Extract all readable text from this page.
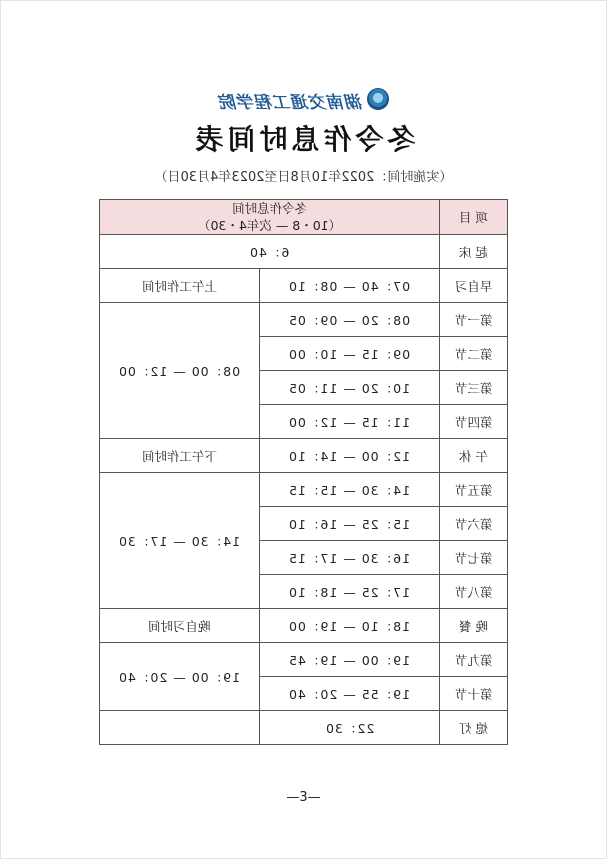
湖南交通工程学院
冬令作息时间表
（实施时间：2022年10月8日至2023年4月30日）
冬令作息时间
（10・8 — 次年4・30）		项 目
6：40		起 床
上午工作时间	07：40 — 08：10	早自习
08：00 — 12：00	08：20 — 09：05	第一节
	09：15 — 10：00	第二节
	10：20 — 11：05	第三节
	11：15 — 12：00	第四节
下午工作时间	12：00 — 14：10	午 休
14：30 — 17：30	14：30 — 15：15	第五节
	15：25 — 16：10	第六节
	16：30 — 17：15	第七节
	17：25 — 18：10	第八节
晚自习时间	18：10 — 19：00	晚 餐
19：00 — 20：40	19：00 — 19：45	第九节
	19：55 — 20：40	第十节
	22：30	熄 灯
—3—
